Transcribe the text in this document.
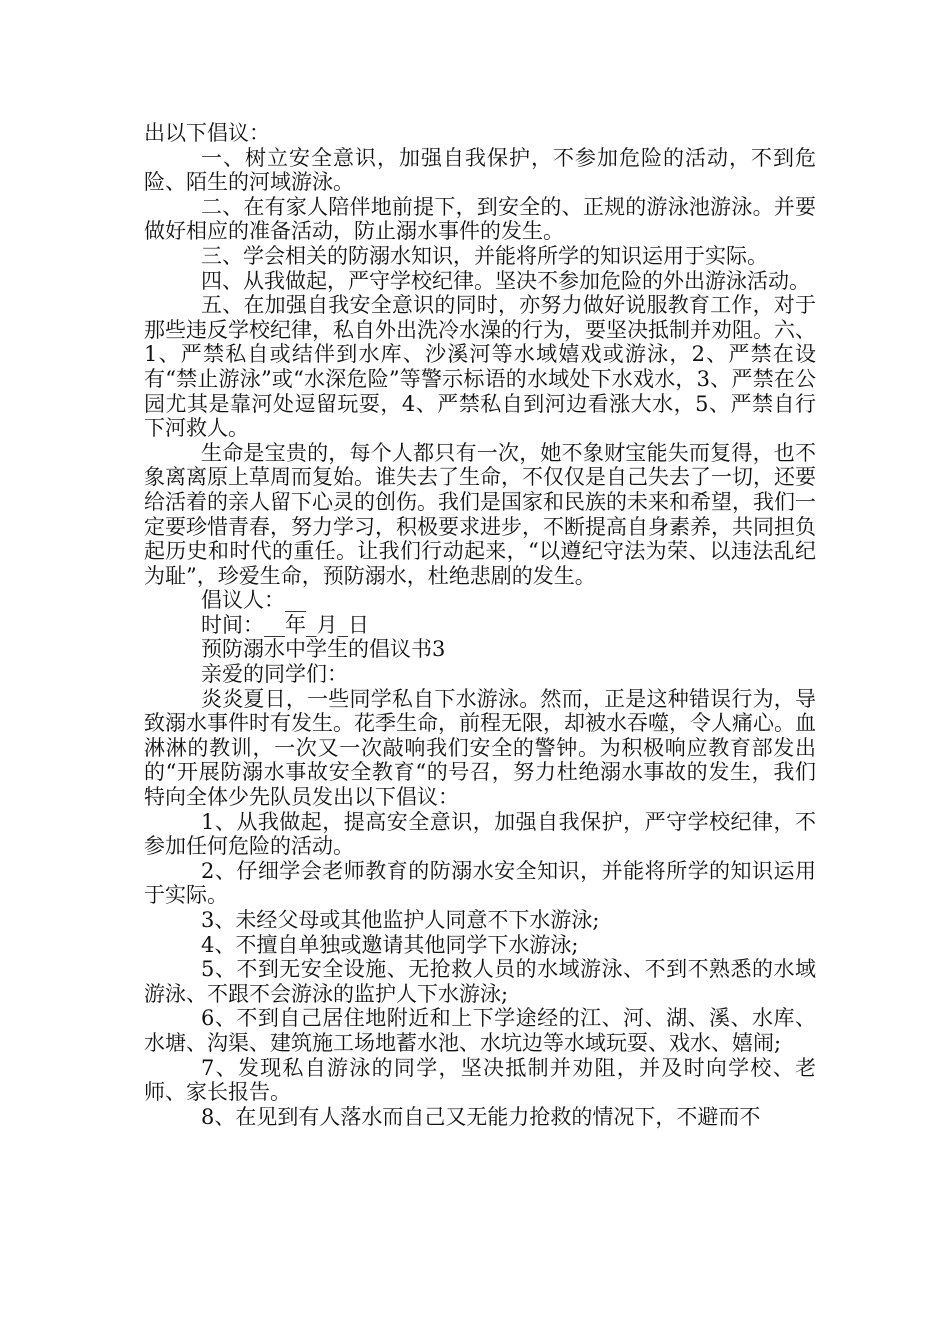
出以下倡议：

一、树立安全意识，加强自我保护，不参加危险的活动，不到危险、陌生的河域游泳。

二、在有家人陪伴地前提下，到安全的、正规的游泳池游泳。并要做好相应的准备活动，防止溺水事件的发生。

三、学会相关的防溺水知识，并能将所学的知识运用于实际。

四、从我做起，严守学校纪律。坚决不参加危险的外出游泳活动。

五、在加强自我安全意识的同时，亦努力做好说服教育工作，对于那些违反学校纪律，私自外出洗冷水澡的行为，要坚决抵制并劝阻。六、1、严禁私自或结伴到水库、沙溪河等水域嬉戏或游泳，2、严禁在设有“禁止游泳”或“水深危险”等警示标语的水域处下水戏水，3、严禁在公园尤其是靠河处逗留玩耍，4、严禁私自到河边看涨大水，5、严禁自行下河救人。

生命是宝贵的，每个人都只有一次，她不象财宝能失而复得，也不象离离原上草周而复始。谁失去了生命，不仅仅是自己失去了一切，还要给活着的亲人留下心灵的创伤。我们是国家和民族的未来和希望，我们一定要珍惜青春，努力学习，积极要求进步，不断提高自身素养，共同担负起历史和时代的重任。让我们行动起来，“以遵纪守法为荣、以违法乱纪为耻”，珍爱生命，预防溺水，杜绝悲剧的发生。

倡议人：__

时间：__年_月_日

预防溺水中学生的倡议书3

亲爱的同学们：

炎炎夏日，一些同学私自下水游泳。然而，正是这种错误行为，导致溺水事件时有发生。花季生命，前程无限，却被水吞噬，令人痛心。血淋淋的教训，一次又一次敲响我们安全的警钟。为积极响应教育部发出的“开展防溺水事故安全教育“的号召，努力杜绝溺水事故的发生，我们特向全体少先队员发出以下倡议：

1、从我做起，提高安全意识，加强自我保护，严守学校纪律，不参加任何危险的活动。

2、仔细学会老师教育的防溺水安全知识，并能将所学的知识运用于实际。

3、未经父母或其他监护人同意不下水游泳;

4、不擅自单独或邀请其他同学下水游泳;

5、不到无安全设施、无抢救人员的水域游泳、不到不熟悉的水域游泳、不跟不会游泳的监护人下水游泳;

6、不到自己居住地附近和上下学途经的江、河、湖、溪、水库、水塘、沟渠、建筑施工场地蓄水池、水坑边等水域玩耍、戏水、嬉闹;

7、发现私自游泳的同学，坚决抵制并劝阻，并及时向学校、老师、家长报告。

8、在见到有人落水而自己又无能力抢救的情况下，不避而不
